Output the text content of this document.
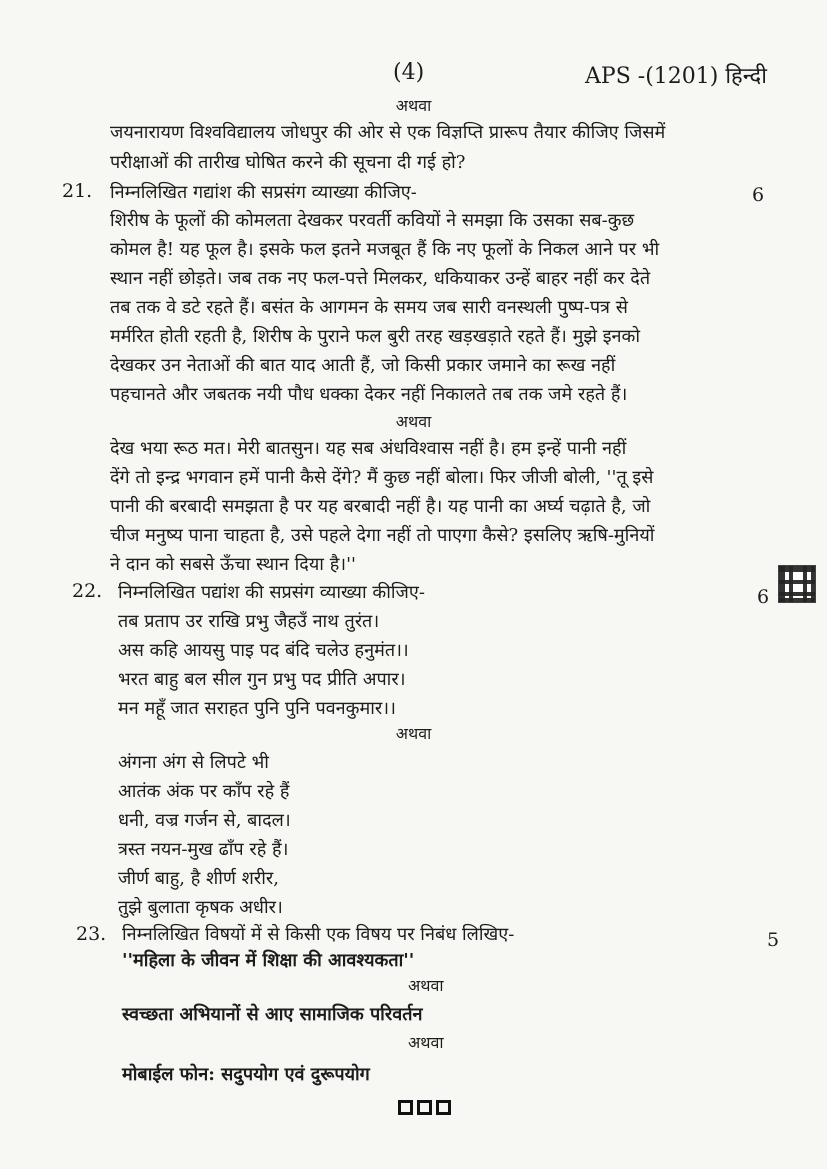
(4)	APS -(1201) हिन्दी
अथवा
जयनारायण विश्वविद्यालय जोधपुर की ओर से एक विज्ञप्ति प्रारूप तैयार कीजिए जिसमें
परीक्षाओं की तारीख घोषित करने की सूचना दी गई हो?
21. निम्नलिखित गद्यांश की सप्रसंग व्याख्या कीजिए-	6
शिरीष के फूलों की कोमलता देखकर परवर्ती कवियों ने समझा कि उसका सब-कुछ
कोमल है! यह फूल है। इसके फल इतने मजबूत हैं कि नए फूलों के निकल आने पर भी
स्थान नहीं छोड़ते। जब तक नए फल-पत्ते मिलकर, धकियाकर उन्हें बाहर नहीं कर देते
तब तक वे डटे रहते हैं। बसंत के आगमन के समय जब सारी वनस्थली पुष्प-पत्र से
मर्मरित होती रहती है, शिरीष के पुराने फल बुरी तरह खड़खड़ाते रहते हैं। मुझे इनको
देखकर उन नेताओं की बात याद आती हैं, जो किसी प्रकार जमाने का रूख नहीं
पहचानते और जबतक नयी पौध धक्का देकर नहीं निकालते तब तक जमे रहते हैं।
अथवा
देख भया रूठ मत। मेरी बातसुन। यह सब अंधविश्वास नहीं है। हम इन्हें पानी नहीं
देंगे तो इन्द्र भगवान हमें पानी कैसे देंगे? मैं कुछ नहीं बोला। फिर जीजी बोली, ''तू इसे
पानी की बरबादी समझता है पर यह बरबादी नहीं है। यह पानी का अर्घ्य चढ़ाते है, जो
चीज मनुष्य पाना चाहता है, उसे पहले देगा नहीं तो पाएगा कैसे? इसलिए ऋषि-मुनियों
ने दान को सबसे ऊँचा स्थान दिया है।''
22. निम्नलिखित पद्यांश की सप्रसंग व्याख्या कीजिए-	6
तब प्रताप उर राखि प्रभु जैहउँ नाथ तुरंत।
अस कहि आयसु पाइ पद बंदि चलेउ हनुमंत।।
भरत बाहु बल सील गुन प्रभु पद प्रीति अपार।
मन महूँ जात सराहत पुनि पुनि पवनकुमार।।
अथवा
अंगना अंग से लिपटे भी
आतंक अंक पर काँप रहे हैं
धनी, वज्र गर्जन से, बादल।
त्रस्त नयन-मुख ढाँप रहे हैं।
जीर्ण बाहु, है शीर्ण शरीर,
तुझे बुलाता कृषक अधीर।
23. निम्नलिखित विषयों में से किसी एक विषय पर निबंध लिखिए-	5
''महिला के जीवन में शिक्षा की आवश्यकता''
अथवा
स्वच्छता अभियानों से आए सामाजिक परिवर्तन
अथवा
मोबाईल फोन: सदुपयोग एवं दुरूपयोग
